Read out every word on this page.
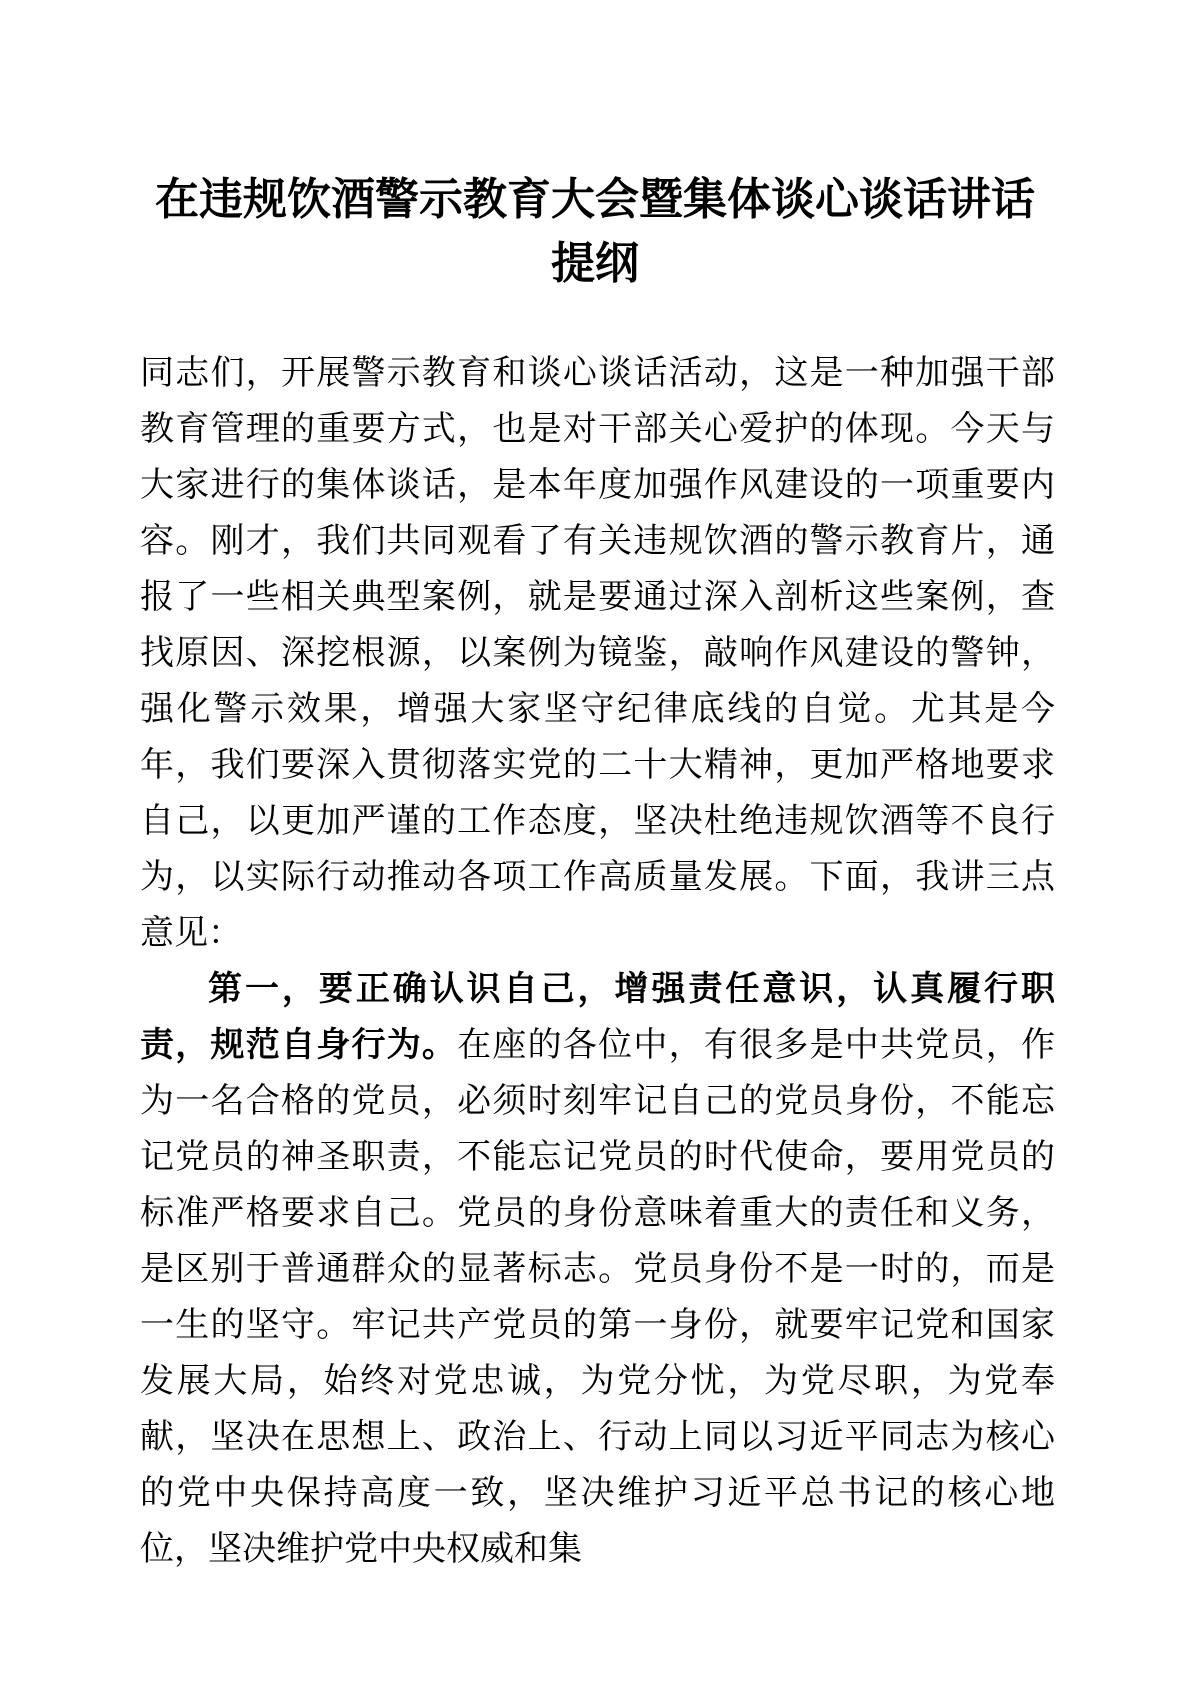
在违规饮酒警示教育大会暨集体谈心谈话讲话
提纲

同志们，开展警示教育和谈心谈话活动，这是一种加强干部教育管理的重要方式，也是对干部关心爱护的体现。今天与大家进行的集体谈话，是本年度加强作风建设的一项重要内容。刚才，我们共同观看了有关违规饮酒的警示教育片，通报了一些相关典型案例，就是要通过深入剖析这些案例，查找原因、深挖根源，以案例为镜鉴，敲响作风建设的警钟，强化警示效果，增强大家坚守纪律底线的自觉。尤其是今年，我们要深入贯彻落实党的二十大精神，更加严格地要求自己，以更加严谨的工作态度，坚决杜绝违规饮酒等不良行为，以实际行动推动各项工作高质量发展。下面，我讲三点意见：

第一，要正确认识自己，增强责任意识，认真履行职责，规范自身行为。在座的各位中，有很多是中共党员，作为一名合格的党员，必须时刻牢记自己的党员身份，不能忘记党员的神圣职责，不能忘记党员的时代使命，要用党员的标准严格要求自己。党员的身份意味着重大的责任和义务，是区别于普通群众的显著标志。党员身份不是一时的，而是一生的坚守。牢记共产党员的第一身份，就要牢记党和国家发展大局，始终对党忠诚，为党分忧，为党尽职，为党奉献，坚决在思想上、政治上、行动上同以习近平同志为核心的党中央保持高度一致，坚决维护习近平总书记的核心地位，坚决维护党中央权威和集
